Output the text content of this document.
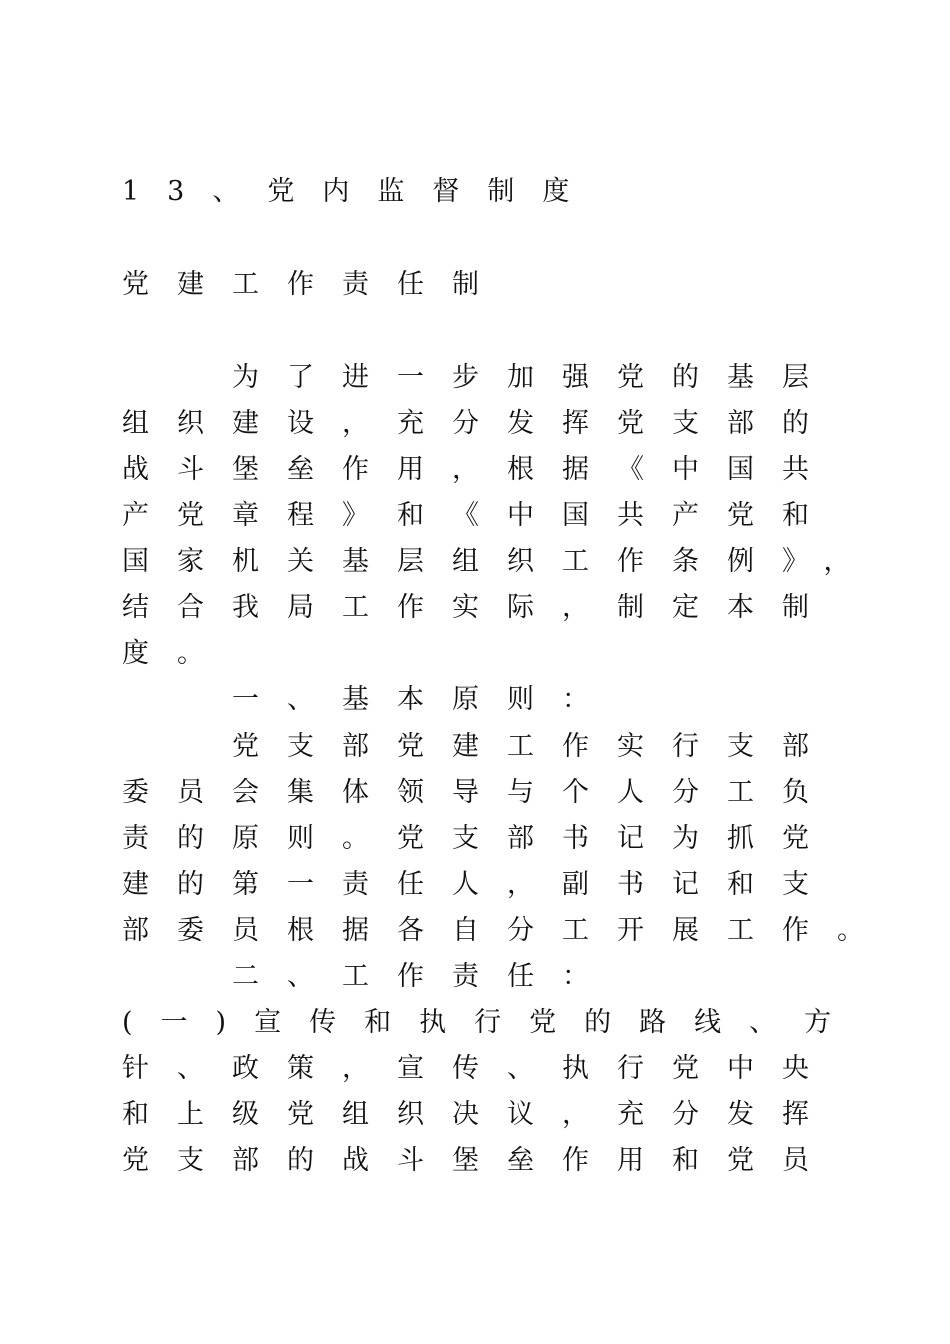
13、党内监督制度
党建工作责任制
为了进一步加强党的基层
组织建设，充分发挥党支部的
战斗堡垒作用，根据《中国共
产党章程》和《中国共产党和
国家机关基层组织工作条例》，
结合我局工作实际，制定本制
度。
一、基本原则：
党支部党建工作实行支部
委员会集体领导与个人分工负
责的原则。党支部书记为抓党
建的第一责任人，副书记和支
部委员根据各自分工开展工作。
二、工作责任：
(一)宣传和执行党的路线、方
针、政策，宣传、执行党中央
和上级党组织决议，充分发挥
党支部的战斗堡垒作用和党员
